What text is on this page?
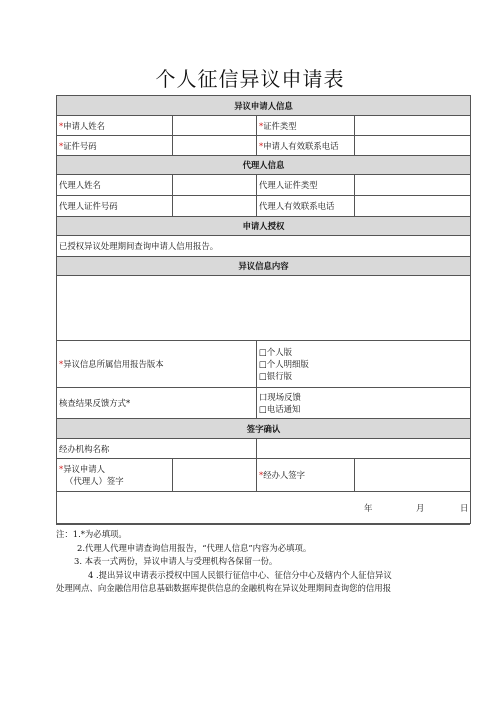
个人征信异议申请表
异议申请人信息			
*申请人姓名		*证件类型	
*证件号码		*申请人有效联系电话	
代理人信息			
代理人姓名		代理人证件类型	
代理人证件号码		代理人有效联系电话	
申请人授权			
已授权异议处理期间查询申请人信用报告。			
异议信息内容			

*异议信息所属信用报告版本		□个人版
□个人明细版
□银行版	

核查结果反馈方式*		口现场反馈
□电话通知	

签字确认			
经办机构名称			

*异议申请人
（代理人）签字		*经办人签字	
年 月 日			
注：1.*为必填项。
2.代理人代理申请查询信用报告，“代理人信息”内容为必填项。
3. 本表一式两份，异议申请人与受理机构各保留一份。
4 .提出异议申请表示授权中国人民银行征信中心、征信分中心及辖内个人征信异议
处理网点、向金融信用信息基础数据库提供信息的金融机构在异议处理期间查询您的信用报
